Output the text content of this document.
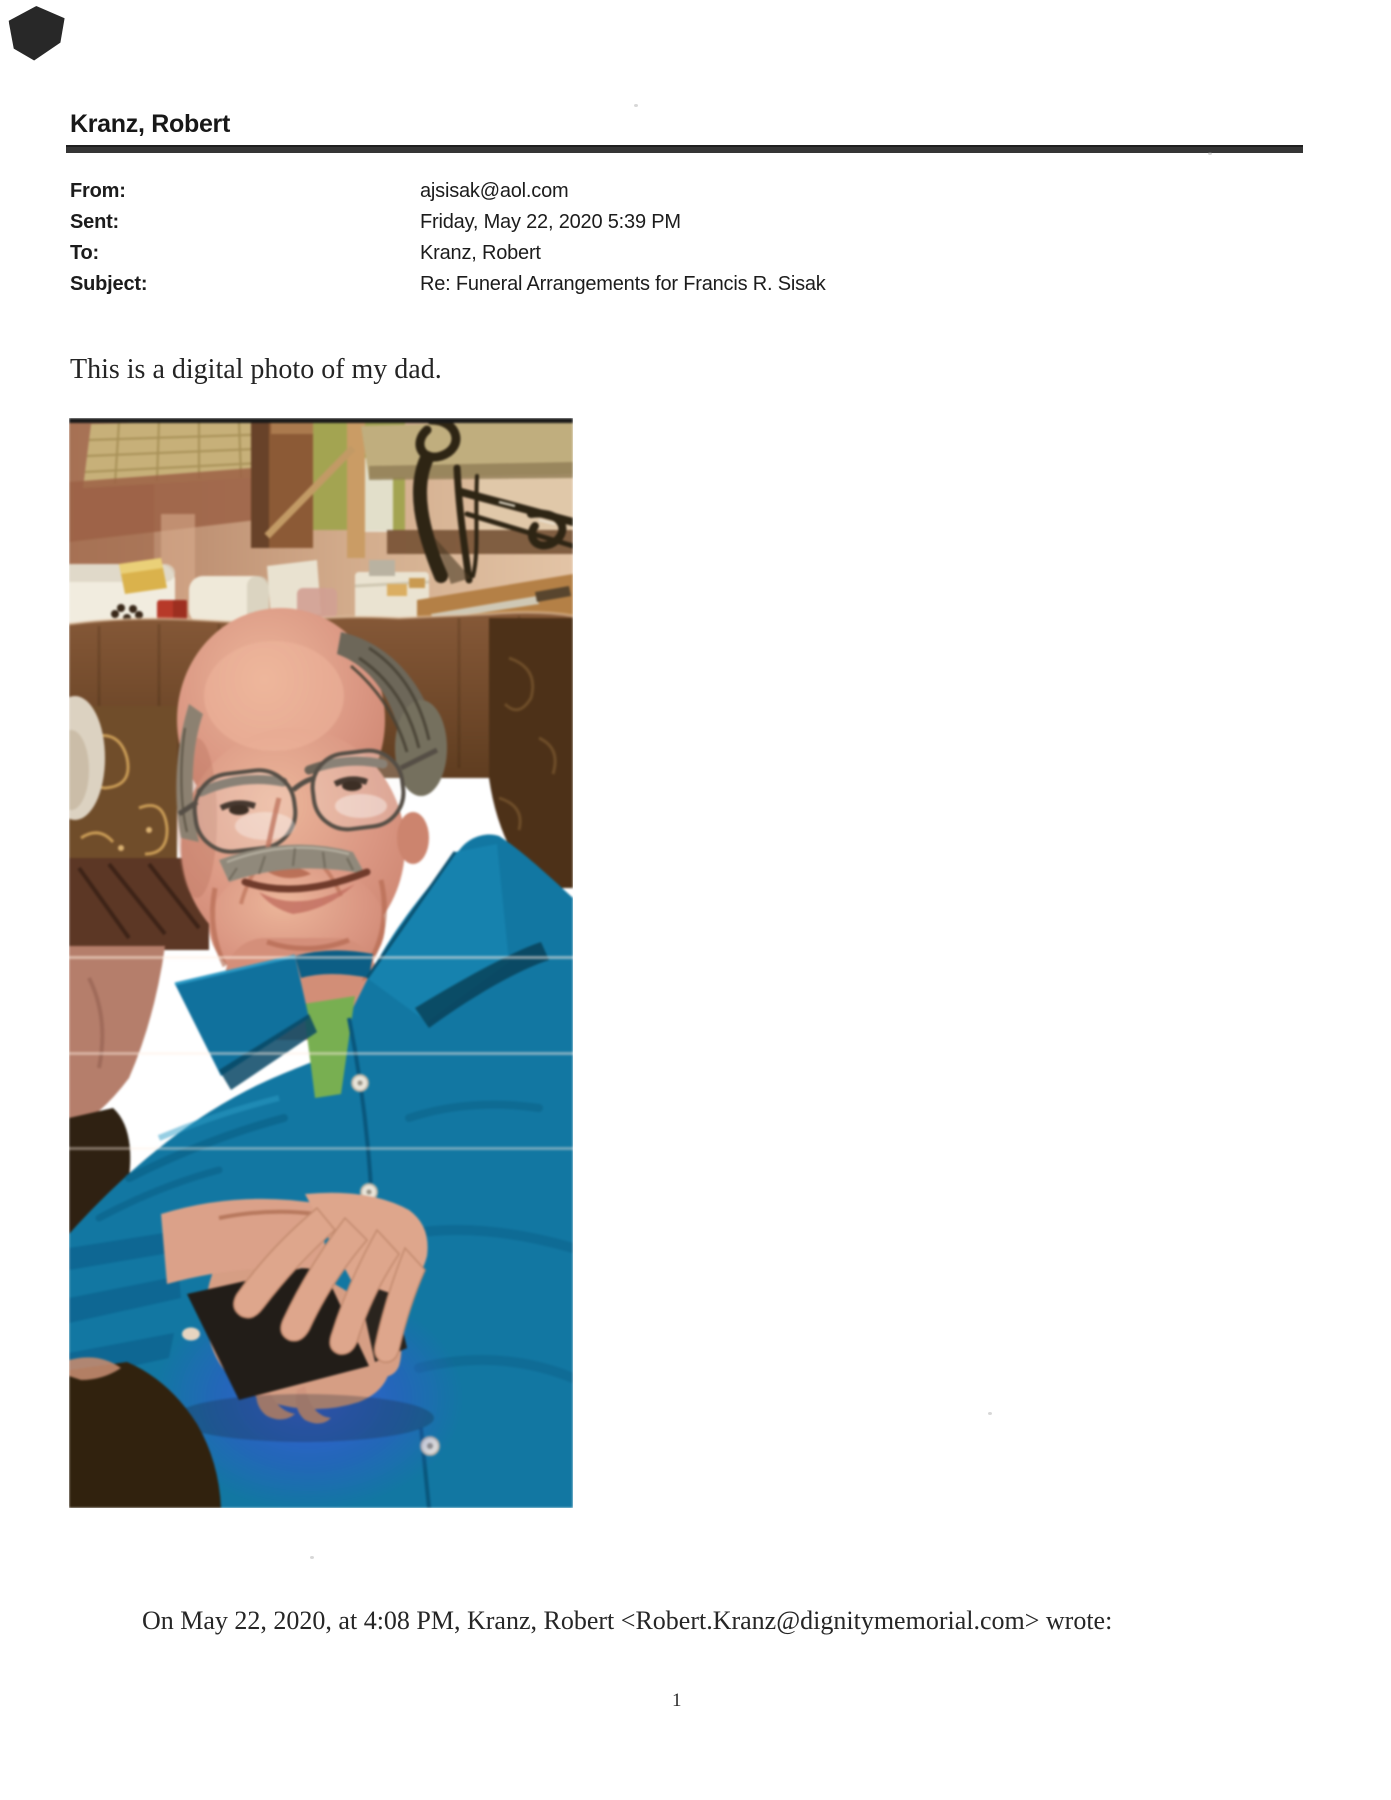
Kranz, Robert
From:	ajsisak@aol.com
Sent:	Friday, May 22, 2020 5:39 PM
To:	Kranz, Robert
Subject:	Re: Funeral Arrangements for Francis R. Sisak

This is a digital photo of my dad.

On May 22, 2020, at 4:08 PM, Kranz, Robert <Robert.Kranz@dignitymemorial.com> wrote:

1
